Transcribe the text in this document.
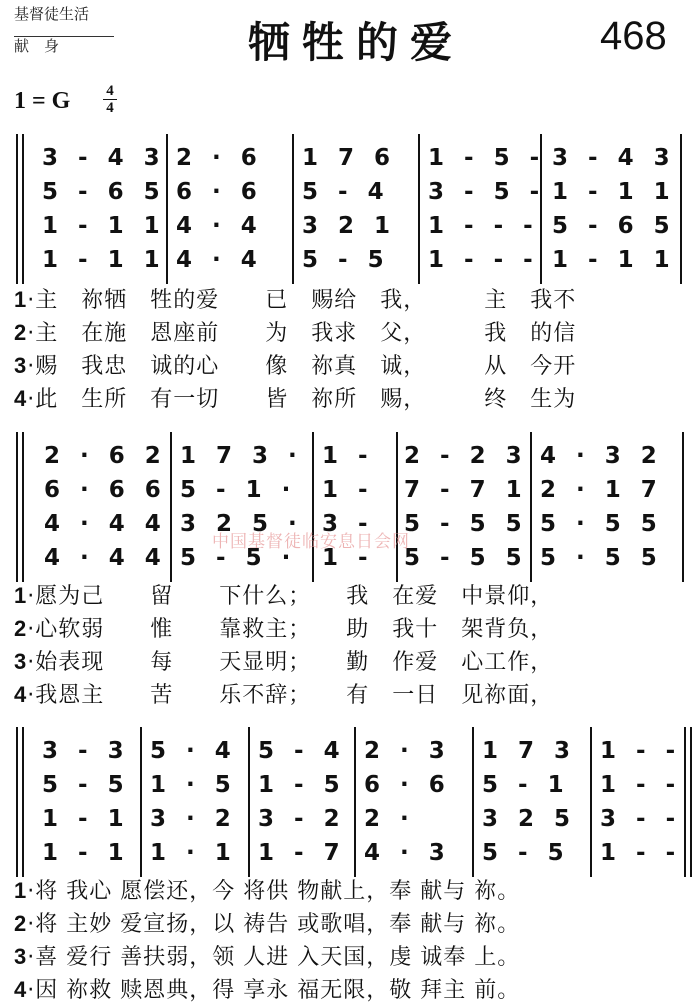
基督徒生活
献　身	牺牲的爱	468
1 = G 4
4
3 - 4 3 2 · 6	1 7 6	1 - 5 - 3 - 4 3
5 - 6 5 6 · 6	5 - 4	3 - 5 - 1 - 1 1
1 - 1 1 4 · 4	3 2 1	1 - - - 5 - 6 5
1 - 1 1 4 · 4	5 - 5	1 - - - 1 - 1 1
1·主　祢牺　牲的爱　　已　赐给　我，　　　主　我不
2·主　在施　恩座前　　为　我求　父，　　　我　的信
3·赐　我忠　诚的心　　像　祢真　诚，　　　从　今开
4·此　生所　有一切　　皆　祢所　赐，　　　终　生为
2 · 6 2 1 7 3 · 1 -	2 - 2 3 4 · 3 2
6 · 6 6 5 - 1 ·	1 -	7 - 7 1 2 · 1 7
4 · 4 4 3 2 5 · 3 -	5 - 5 5 5 · 5 5
4 · 4 4 5 - 5 ·	1 -	5 - 5 5 5 · 5 5
1·愿为己　　留　　下什么；　　我　在爱　中景仰，
2·心软弱　　惟　　靠救主；　　助　我十　架背负，
3·始表现　　每　　天显明；　　勤　作爱　心工作，
4·我恩主　　苦　　乐不辞；　　有　一日　见祢面，
3 - 3 5 · 4 5 - 4 2 · 3	1 7 3	1 - -
5 - 5 1 · 5 1 - 5 6 · 6	5 - 1	1 - -
1 - 1 3 · 2 3 - 2 2 ·	3 2 5	3 - -
1 - 1 1 · 1 1 - 7 4 · 3	5 - 5	1 - -
1·将 我心 愿偿还，今 将供 物献上，奉 献与 祢。
2·将 主妙 爱宣扬，以 祷告 或歌唱，奉 献与 祢。
3·喜 爱行 善扶弱，领 人进 入天国，虔 诚奉 上。
4·因 祢救 赎恩典，得 享永 福无限，敬 拜主 前。
中国基督徒临安息日会网
